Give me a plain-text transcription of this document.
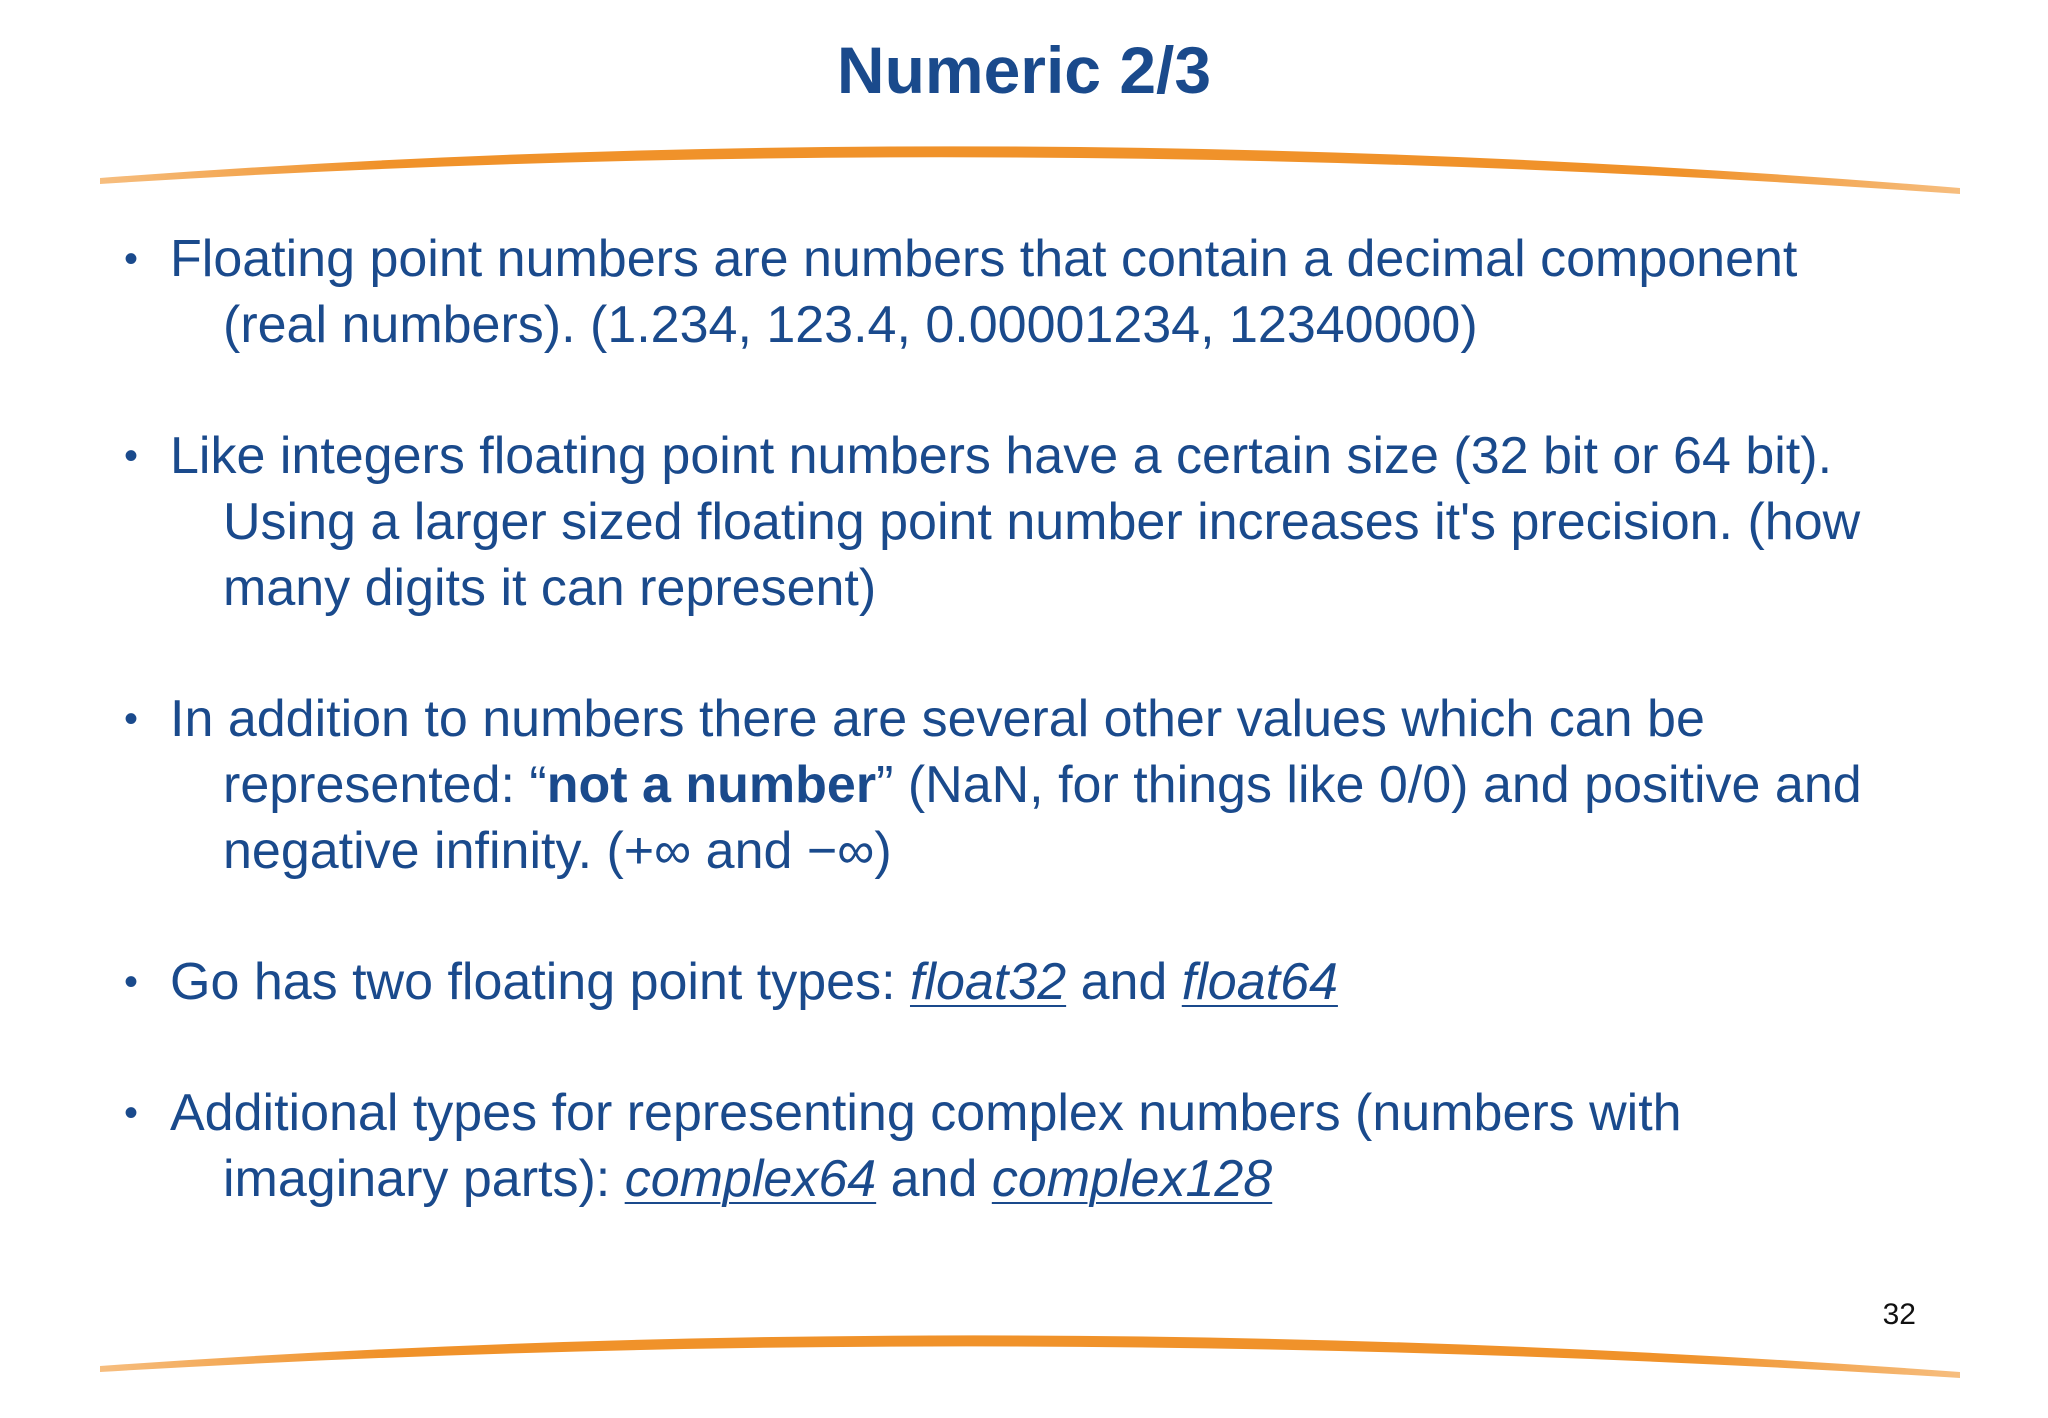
Numeric 2/3
• Floating point numbers are numbers that contain a decimal component
(real numbers). (1.234, 123.4, 0.00001234, 12340000)
• Like integers floating point numbers have a certain size (32 bit or 64 bit).
Using a larger sized floating point number increases it's precision. (how
many digits it can represent)
• In addition to numbers there are several other values which can be
represented: “not a number” (NaN, for things like 0/0) and positive and
negative infinity. (+∞ and −∞)
• Go has two floating point types: float32 and float64
• Additional types for representing complex numbers (numbers with
imaginary parts): complex64 and complex128
32
